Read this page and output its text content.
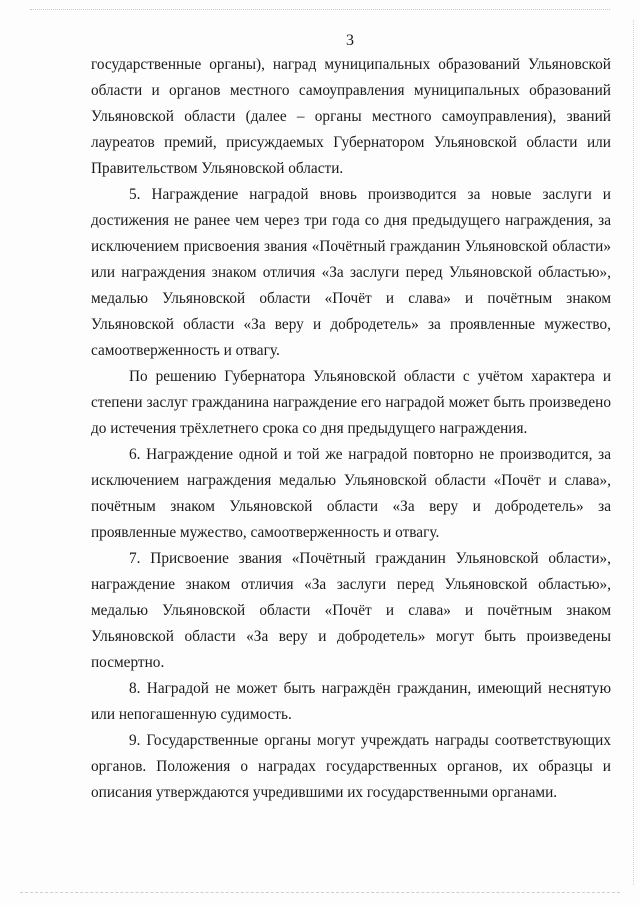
3

государственные органы), наград муниципальных образований Ульяновской области и органов местного самоуправления муниципальных образований Ульяновской области (далее – органы местного самоуправления), званий лауреатов премий, присуждаемых Губернатором Ульяновской области или Правительством Ульяновской области.

5. Награждение наградой вновь производится за новые заслуги и достижения не ранее чем через три года со дня предыдущего награждения, за исключением присвоения звания «Почётный гражданин Ульяновской области» или награждения знаком отличия «За заслуги перед Ульяновской областью», медалью Ульяновской области «Почёт и слава» и почётным знаком Ульяновской области «За веру и добродетель» за проявленные мужество, самоотверженность и отвагу.

По решению Губернатора Ульяновской области с учётом характера и степени заслуг гражданина награждение его наградой может быть произведено до истечения трёхлетнего срока со дня предыдущего награждения.

6. Награждение одной и той же наградой повторно не производится, за исключением награждения медалью Ульяновской области «Почёт и слава», почётным знаком Ульяновской области «За веру и добродетель» за проявленные мужество, самоотверженность и отвагу.

7. Присвоение звания «Почётный гражданин Ульяновской области», награждение знаком отличия «За заслуги перед Ульяновской областью», медалью Ульяновской области «Почёт и слава» и почётным знаком Ульяновской области «За веру и добродетель» могут быть произведены посмертно.

8. Наградой не может быть награждён гражданин, имеющий неснятую или непогашенную судимость.

9. Государственные органы могут учреждать награды соответствующих органов. Положения о наградах государственных органов, их образцы и описания утверждаются учредившими их государственными органами.
